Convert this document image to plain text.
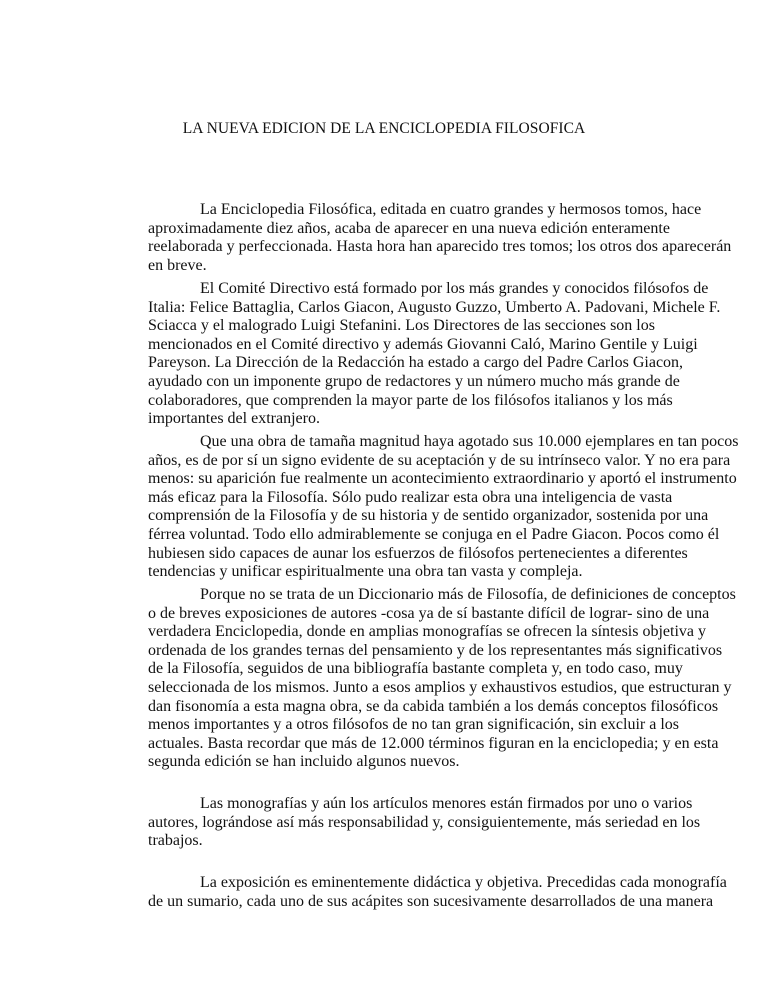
LA NUEVA EDICION DE LA ENCICLOPEDIA FILOSOFICA
La Enciclopedia Filosófica, editada en cuatro grandes y hermosos tomos, hace
aproximadamente diez años, acaba de aparecer en una nueva edición enteramente
reelaborada y perfeccionada. Hasta hora han aparecido tres tomos; los otros dos aparecerán
en breve.
El Comité Directivo está formado por los más grandes y conocidos filósofos de
Italia: Felice Battaglia, Carlos Giacon, Augusto Guzzo, Umberto A. Padovani, Michele F.
Sciacca y el malogrado Luigi Stefanini. Los Directores de las secciones son los
mencionados en el Comité directivo y además Giovanni Caló, Marino Gentile y Luigi
Pareyson. La Dirección de la Redacción ha estado a cargo del Padre Carlos Giacon,
ayudado con un imponente grupo de redactores y un número mucho más grande de
colaboradores, que comprenden la mayor parte de los filósofos italianos y los más
importantes del extranjero.
Que una obra de tamaña magnitud haya agotado sus 10.000 ejemplares en tan pocos
años, es de por sí un signo evidente de su aceptación y de su intrínseco valor. Y no era para
menos: su aparición fue realmente un acontecimiento extraordinario y aportó el instrumento
más eficaz para la Filosofía. Sólo pudo realizar esta obra una inteligencia de vasta
comprensión de la Filosofía y de su historia y de sentido organizador, sostenida por una
férrea voluntad. Todo ello admirablemente se conjuga en el Padre Giacon. Pocos como él
hubiesen sido capaces de aunar los esfuerzos de filósofos pertenecientes a diferentes
tendencias y unificar espiritualmente una obra tan vasta y compleja.
Porque no se trata de un Diccionario más de Filosofía, de definiciones de conceptos
o de breves exposiciones de autores -cosa ya de sí bastante difícil de lograr- sino de una
verdadera Enciclopedia, donde en amplias monografías se ofrecen la síntesis objetiva y
ordenada de los grandes ternas del pensamiento y de los representantes más significativos
de la Filosofía, seguidos de una bibliografía bastante completa y, en todo caso, muy
seleccionada de los mismos. Junto a esos amplios y exhaustivos estudios, que estructuran y
dan fisonomía a esta magna obra, se da cabida también a los demás conceptos filosóficos
menos importantes y a otros filósofos de no tan gran significación, sin excluir a los
actuales. Basta recordar que más de 12.000 términos figuran en la enciclopedia; y en esta
segunda edición se han incluido algunos nuevos.
Las monografías y aún los artículos menores están firmados por uno o varios
autores, lográndose así más responsabilidad y, consiguientemente, más seriedad en los
trabajos.
La exposición es eminentemente didáctica y objetiva. Precedidas cada monografía
de un sumario, cada uno de sus acápites son sucesivamente desarrollados de una manera
